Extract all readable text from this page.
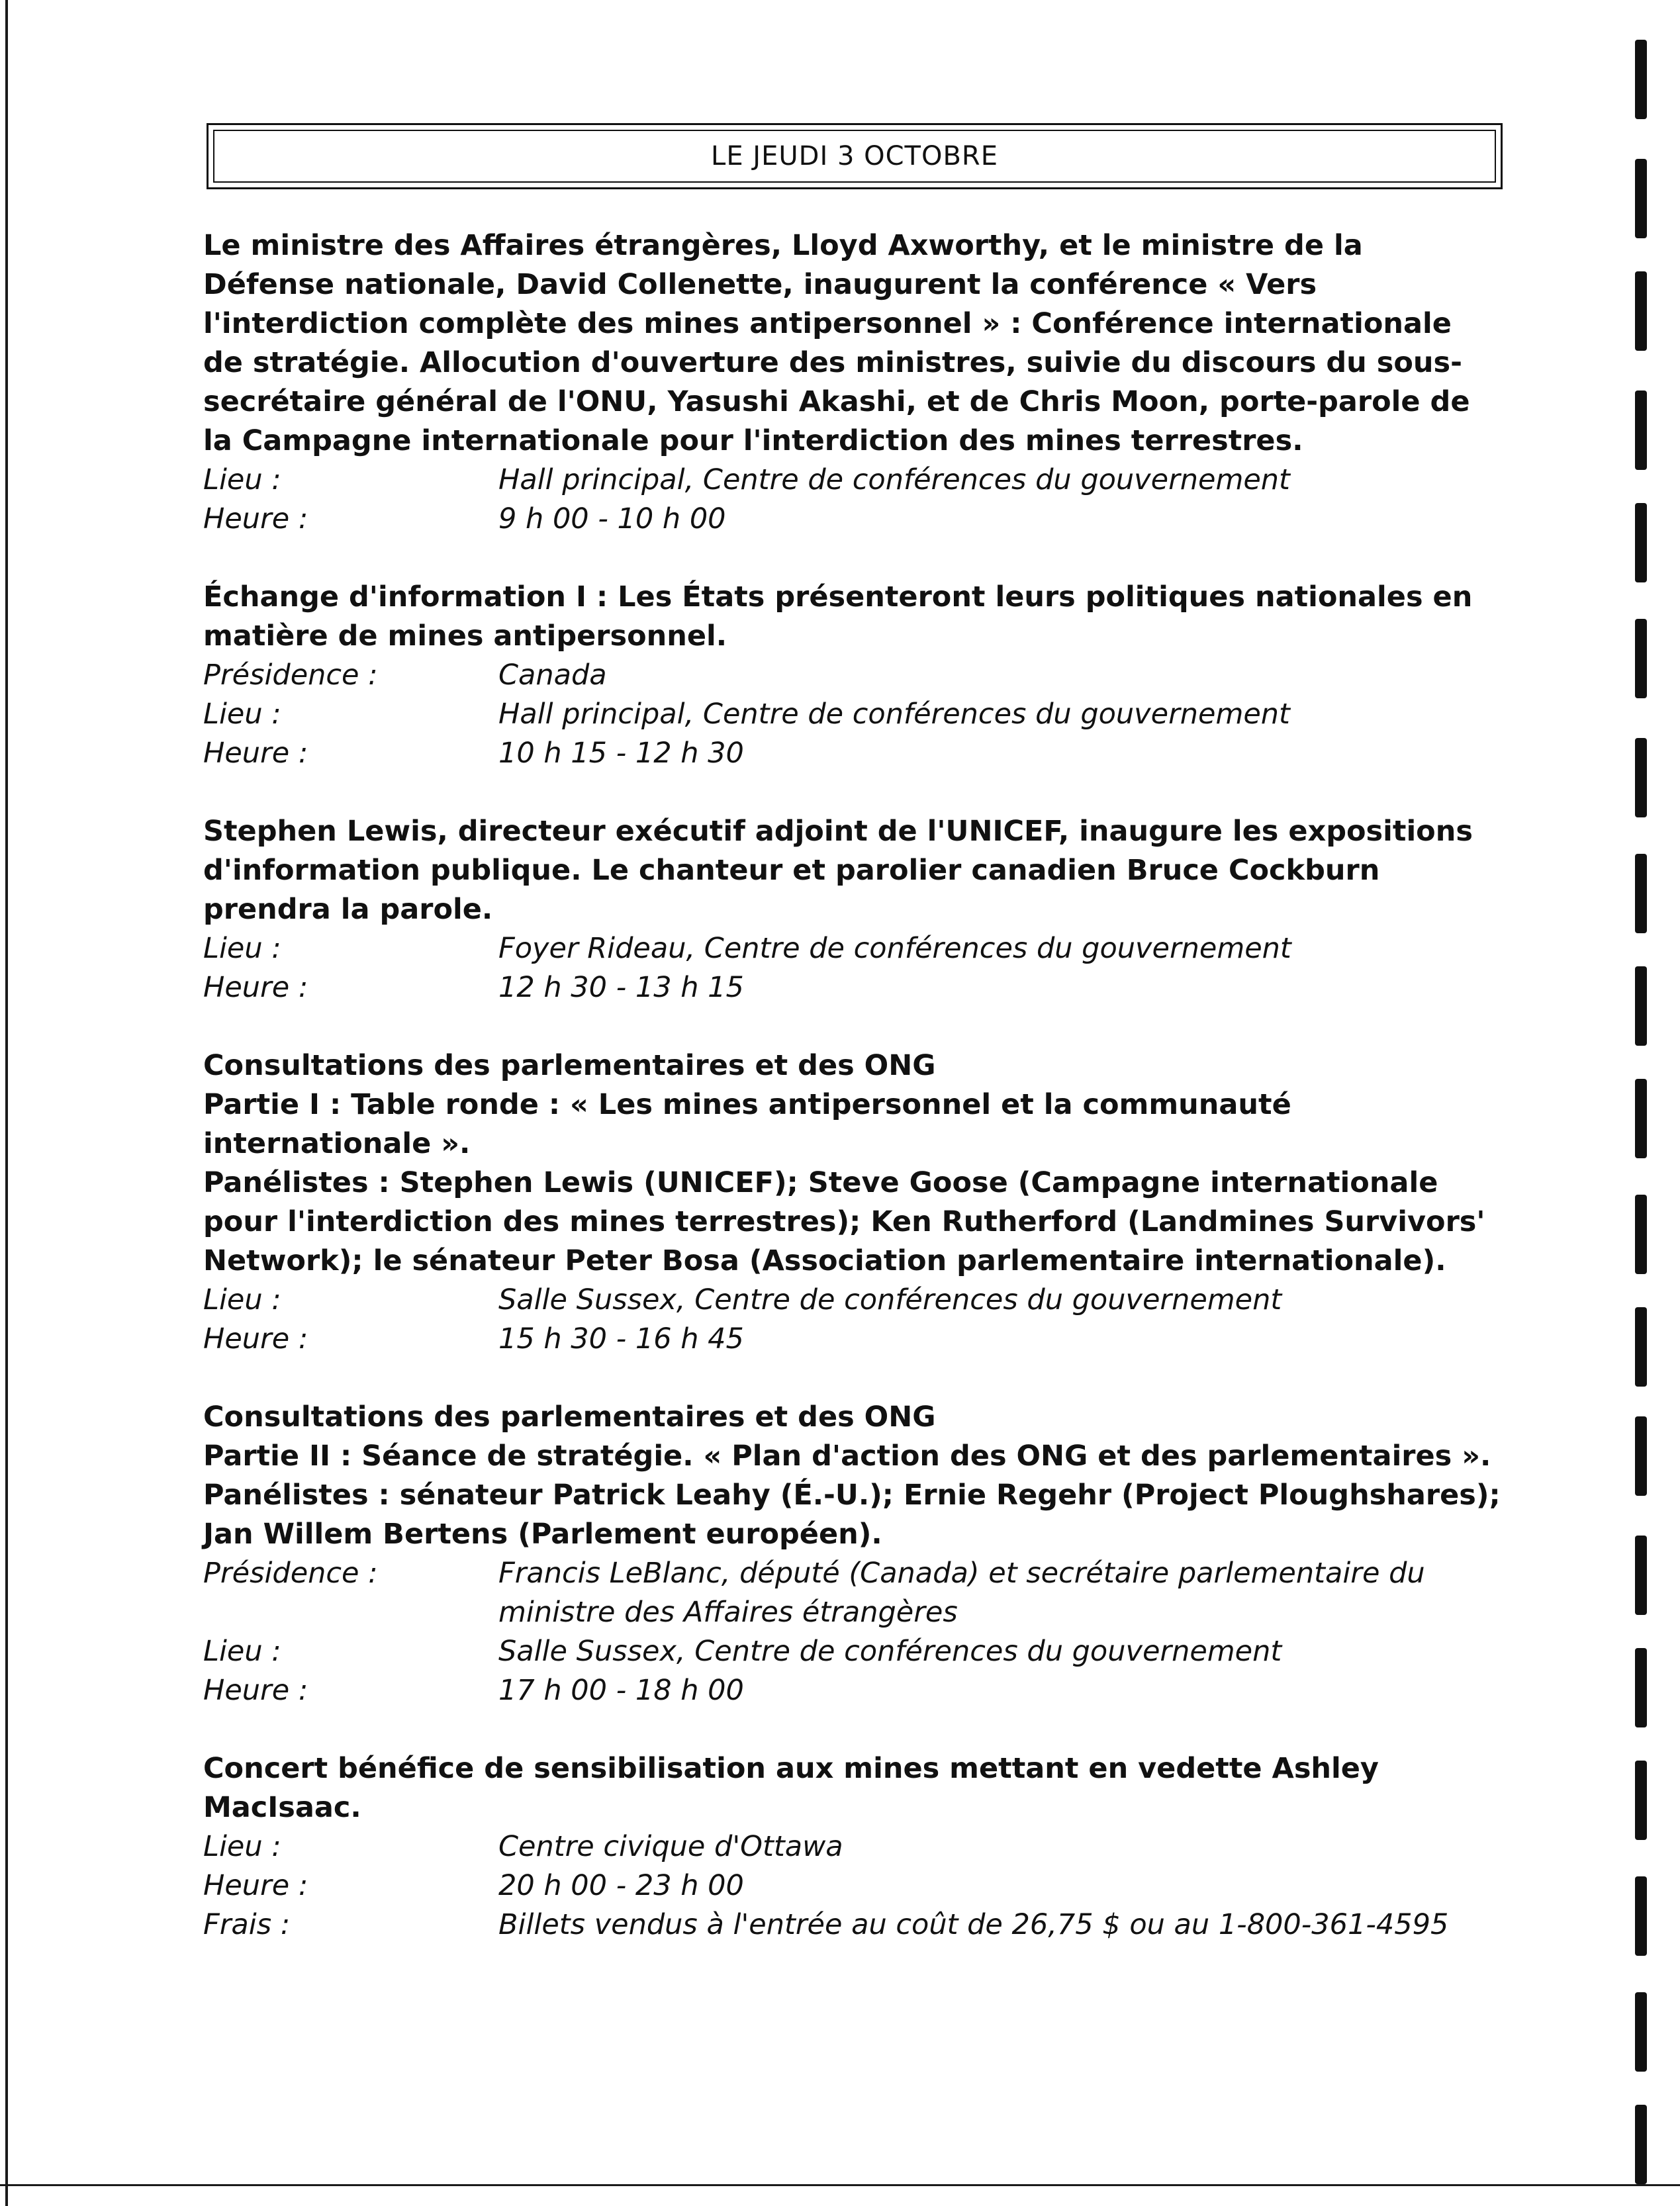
LE JEUDI 3 OCTOBRE
Le ministre des Affaires étrangères, Lloyd Axworthy, et le ministre de la Défense nationale, David Collenette, inaugurent la conférence « Vers l'interdiction complète des mines antipersonnel » : Conférence internationale de stratégie. Allocution d'ouverture des ministres, suivie du discours du sous-secrétaire général de l'ONU, Yasushi Akashi, et de Chris Moon, porte-parole de la Campagne internationale pour l'interdiction des mines terrestres.
Lieu :	Hall principal, Centre de conférences du gouvernement
Heure :	9 h 00 - 10 h 00
Échange d'information I : Les États présenteront leurs politiques nationales en matière de mines antipersonnel.
Présidence :	Canada
Lieu :	Hall principal, Centre de conférences du gouvernement
Heure :	10 h 15 - 12 h 30
Stephen Lewis, directeur exécutif adjoint de l'UNICEF, inaugure les expositions d'information publique. Le chanteur et parolier canadien Bruce Cockburn prendra la parole.
Lieu :	Foyer Rideau, Centre de conférences du gouvernement
Heure :	12 h 30 - 13 h 15
Consultations des parlementaires et des ONG
Partie I : Table ronde : « Les mines antipersonnel et la communauté internationale ».
Panélistes : Stephen Lewis (UNICEF); Steve Goose (Campagne internationale pour l'interdiction des mines terrestres); Ken Rutherford (Landmines Survivors' Network); le sénateur Peter Bosa (Association parlementaire internationale).
Lieu :	Salle Sussex, Centre de conférences du gouvernement
Heure :	15 h 30 - 16 h 45
Consultations des parlementaires et des ONG
Partie II : Séance de stratégie. « Plan d'action des ONG et des parlementaires ».
Panélistes : sénateur Patrick Leahy (É.-U.); Ernie Regehr (Project Ploughshares); Jan Willem Bertens (Parlement européen).
Présidence :	Francis LeBlanc, député (Canada) et secrétaire parlementaire du ministre des Affaires étrangères
Lieu :	Salle Sussex, Centre de conférences du gouvernement
Heure :	17 h 00 - 18 h 00
Concert bénéfice de sensibilisation aux mines mettant en vedette Ashley MacIsaac.
Lieu :	Centre civique d'Ottawa
Heure :	20 h 00 - 23 h 00
Frais :	Billets vendus à l'entrée au coût de 26,75 $ ou au 1-800-361-4595
